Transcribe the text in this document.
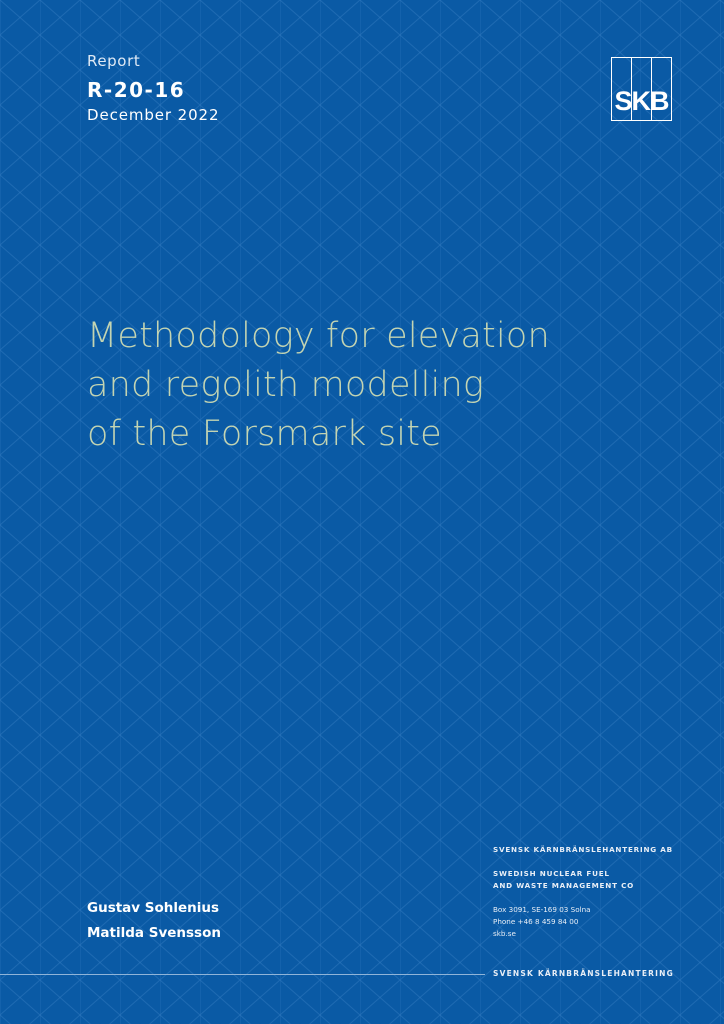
Report
R-20-16
December 2022	SKB
Methodology for elevation
and regolith modelling
of the Forsmark site
Gustav Sohlenius
Matilda Svensson
SVENSK KÄRNBRÄNSLEHANTERING AB
SWEDISH NUCLEAR FUEL
AND WASTE MANAGEMENT CO
Box 3091, SE-169 03 Solna
Phone +46 8 459 84 00
skb.se
SVENSK KÄRNBRÄNSLEHANTERING
